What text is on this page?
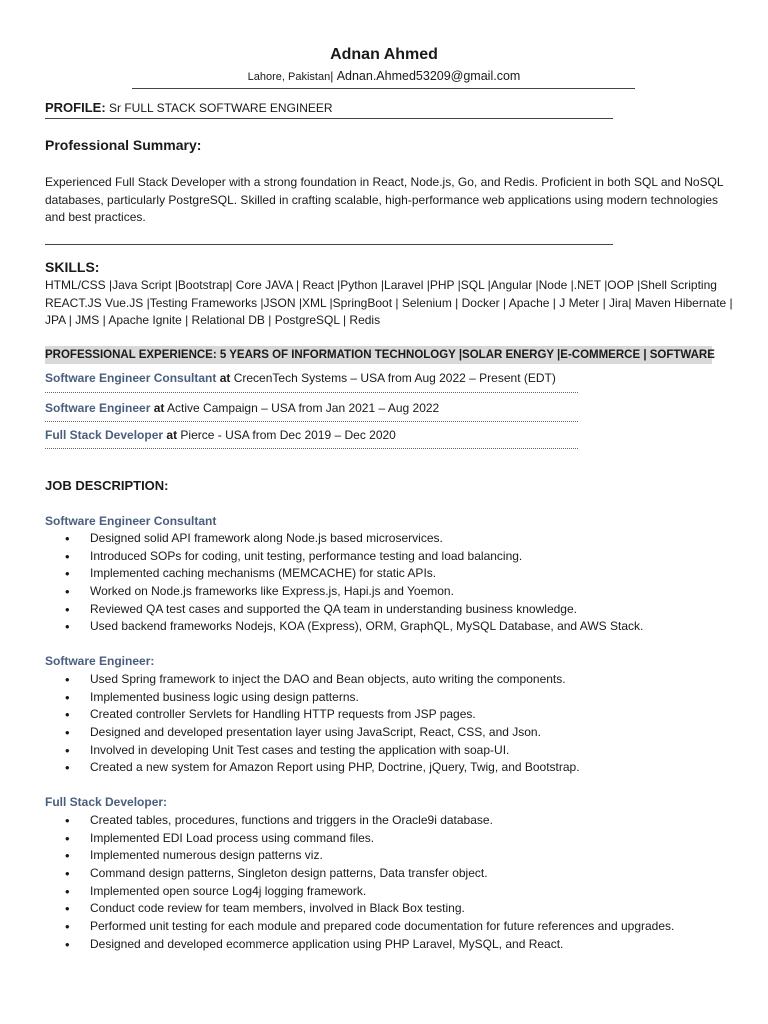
Adnan Ahmed
Lahore, Pakistan| Adnan.Ahmed53209@gmail.com
PROFILE: Sr FULL STACK SOFTWARE ENGINEER
Professional Summary:
Experienced Full Stack Developer with a strong foundation in React, Node.js, Go, and Redis. Proficient in both SQL and NoSQL databases, particularly PostgreSQL. Skilled in crafting scalable, high-performance web applications using modern technologies and best practices.
SKILLS:
HTML/CSS |Java Script |Bootstrap| Core JAVA | React |Python |Laravel |PHP |SQL |Angular |Node |.NET |OOP |Shell Scripting REACT.JS Vue.JS |Testing Frameworks |JSON |XML |SpringBoot | Selenium | Docker | Apache | J Meter | Jira| Maven Hibernate | JPA | JMS | Apache Ignite | Relational DB | PostgreSQL | Redis
PROFESSIONAL EXPERIENCE: 5 YEARS OF INFORMATION TECHNOLOGY |SOLAR ENERGY |E-COMMERCE | SOFTWARE
Software Engineer Consultant at CrecenTech Systems – USA from Aug 2022 – Present (EDT)
Software Engineer at Active Campaign – USA from Jan 2021 – Aug 2022
Full Stack Developer at Pierce - USA from Dec 2019 – Dec 2020
JOB DESCRIPTION:
Software Engineer Consultant
• Designed solid API framework along Node.js based microservices.
• Introduced SOPs for coding, unit testing, performance testing and load balancing.
• Implemented caching mechanisms (MEMCACHE) for static APIs.
• Worked on Node.js frameworks like Express.js, Hapi.js and Yoemon.
• Reviewed QA test cases and supported the QA team in understanding business knowledge.
• Used backend frameworks Nodejs, KOA (Express), ORM, GraphQL, MySQL Database, and AWS Stack.
Software Engineer:
• Used Spring framework to inject the DAO and Bean objects, auto writing the components.
• Implemented business logic using design patterns.
• Created controller Servlets for Handling HTTP requests from JSP pages.
• Designed and developed presentation layer using JavaScript, React, CSS, and Json.
• Involved in developing Unit Test cases and testing the application with soap-UI.
• Created a new system for Amazon Report using PHP, Doctrine, jQuery, Twig, and Bootstrap.
Full Stack Developer:
• Created tables, procedures, functions and triggers in the Oracle9i database.
• Implemented EDI Load process using command files.
• Implemented numerous design patterns viz.
• Command design patterns, Singleton design patterns, Data transfer object.
• Implemented open source Log4j logging framework.
• Conduct code review for team members, involved in Black Box testing.
• Performed unit testing for each module and prepared code documentation for future references and upgrades.
• Designed and developed ecommerce application using PHP Laravel, MySQL, and React.
